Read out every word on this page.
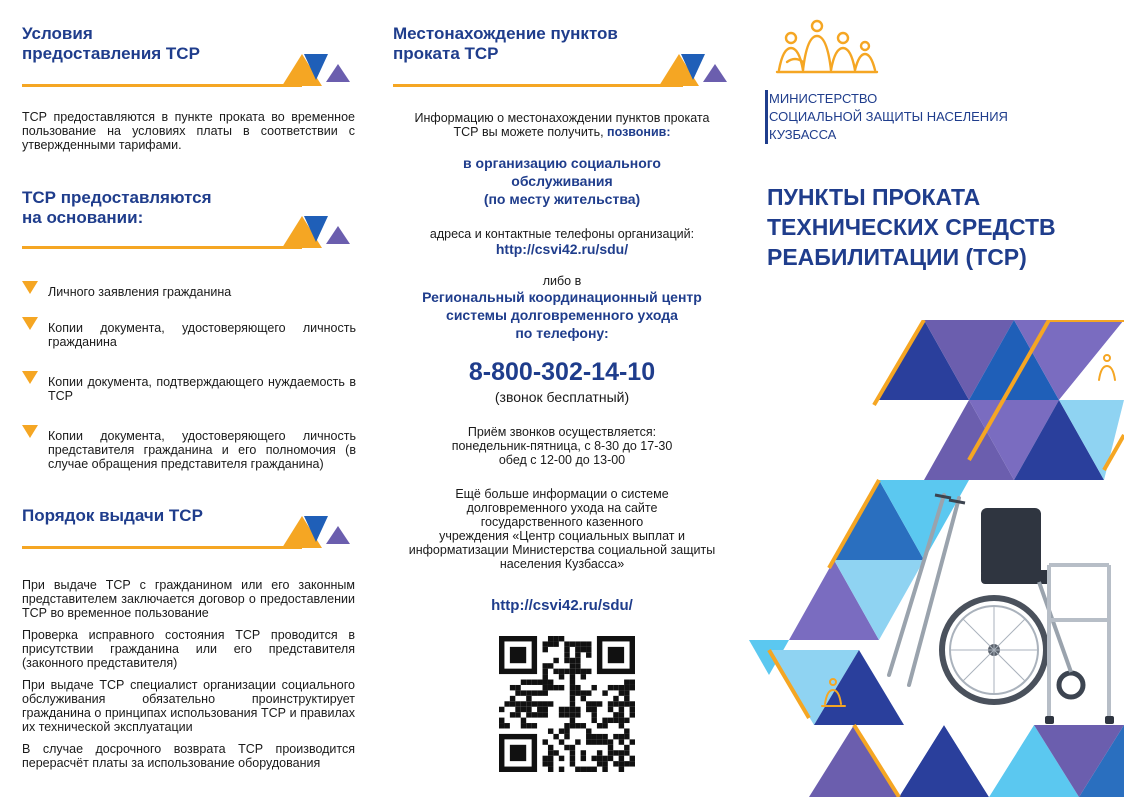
Условия
предоставления ТСР
ТСР предоставляются в пункте проката во временное пользование на условиях платы в соответствии с утвержденными тарифами.
ТСР предоставляются
на основании:
Личного заявления гражданина
Копии документа, удостоверяющего личность гражданина
Копии документа, подтверждающего нуждаемость в ТСР
Копии документа, удостоверяющего личность представителя гражданина и его полномочия (в случае обращения представителя гражданина)
Порядок выдачи ТСР
При выдаче ТСР с гражданином или его законным представителем заключается договор о предоставлении ТСР во временное пользование
Проверка исправного состояния ТСР проводится в присутствии гражданина или его представителя (законного представителя)
При выдаче ТСР специалист организации социального обслуживания обязательно проинструктирует гражданина о принципах использования ТСР и правилах их технической эксплуатации
В случае досрочного возврата ТСР производится перерасчёт платы за использование оборудования
Местонахождение пунктов
проката ТСР
Информацию о местонахождении пунктов проката
ТСР вы можете получить, позвонив:
в организацию социального
обслуживания
(по месту жительства)
адреса и контактные телефоны организаций:
http://csvi42.ru/sdu/
либо в
Региональный координационный центр
системы долговременного ухода
по телефону:
8-800-302-14-10
(звонок бесплатный)
Приём звонков осуществляется:
понедельник-пятница, с 8-30 до 17-30
обед с 12-00 до 13-00
Ещё больше информации о системе
долговременного ухода на сайте
государственного казенного
учреждения «Центр социальных выплат и
информатизации Министерства социальной защиты
населения Кузбасса»
http://csvi42.ru/sdu/
МИНИСТЕРСТВО
СОЦИАЛЬНОЙ ЗАЩИТЫ НАСЕЛЕНИЯ
КУЗБАССА
ПУНКТЫ ПРОКАТА
ТЕХНИЧЕСКИХ СРЕДСТВ
РЕАБИЛИТАЦИИ (ТСР)
